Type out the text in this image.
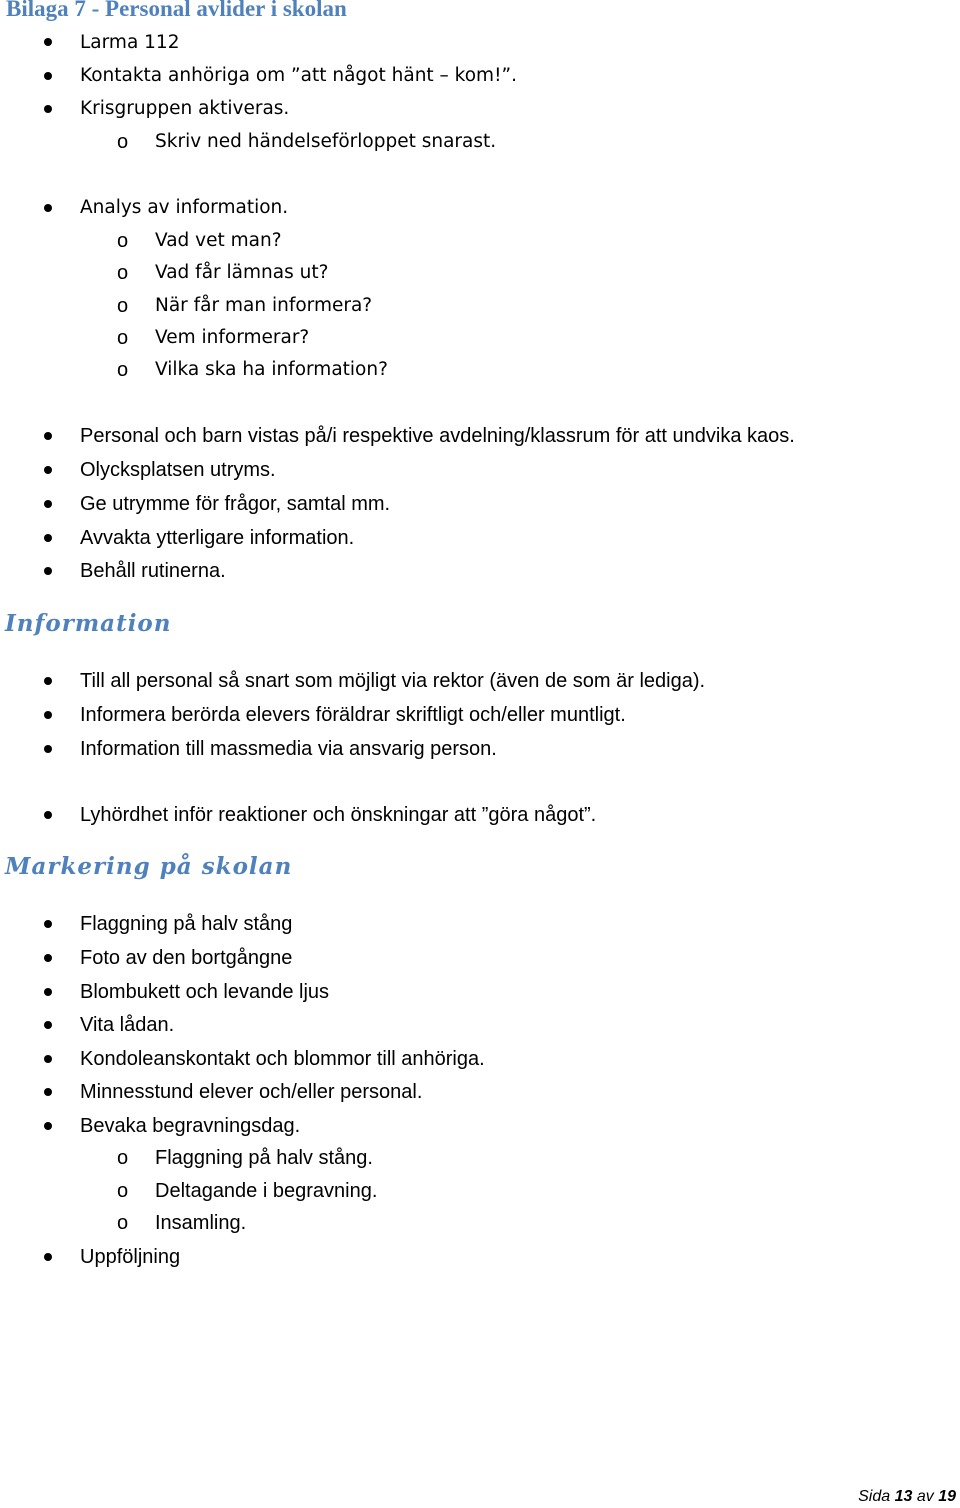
Bilaga 7 - Personal avlider i skolan
Larma 112
Kontakta anhöriga om ”att något hänt – kom!”.
Krisgruppen aktiveras.
o Skriv ned händelseförloppet snarast.
Analys av information.
o Vad vet man?
o Vad får lämnas ut?
o När får man informera?
o Vem informerar?
o Vilka ska ha information?
Personal och barn vistas på/i respektive avdelning/klassrum för att undvika kaos.
Olycksplatsen utryms.
Ge utrymme för frågor, samtal mm.
Avvakta ytterligare information.
Behåll rutinerna.
Information
Till all personal så snart som möjligt via rektor (även de som är lediga).
Informera berörda elevers föräldrar skriftligt och/eller muntligt.
Information till massmedia via ansvarig person.
Lyhördhet inför reaktioner och önskningar att ”göra något”.
Markering på skolan
Flaggning på halv stång
Foto av den bortgångne
Blombukett och levande ljus
Vita lådan.
Kondoleanskontakt och blommor till anhöriga.
Minnesstund elever och/eller personal.
Bevaka begravningsdag.
o Flaggning på halv stång.
o Deltagande i begravning.
o Insamling.
Uppföljning
Sida 13 av 19
